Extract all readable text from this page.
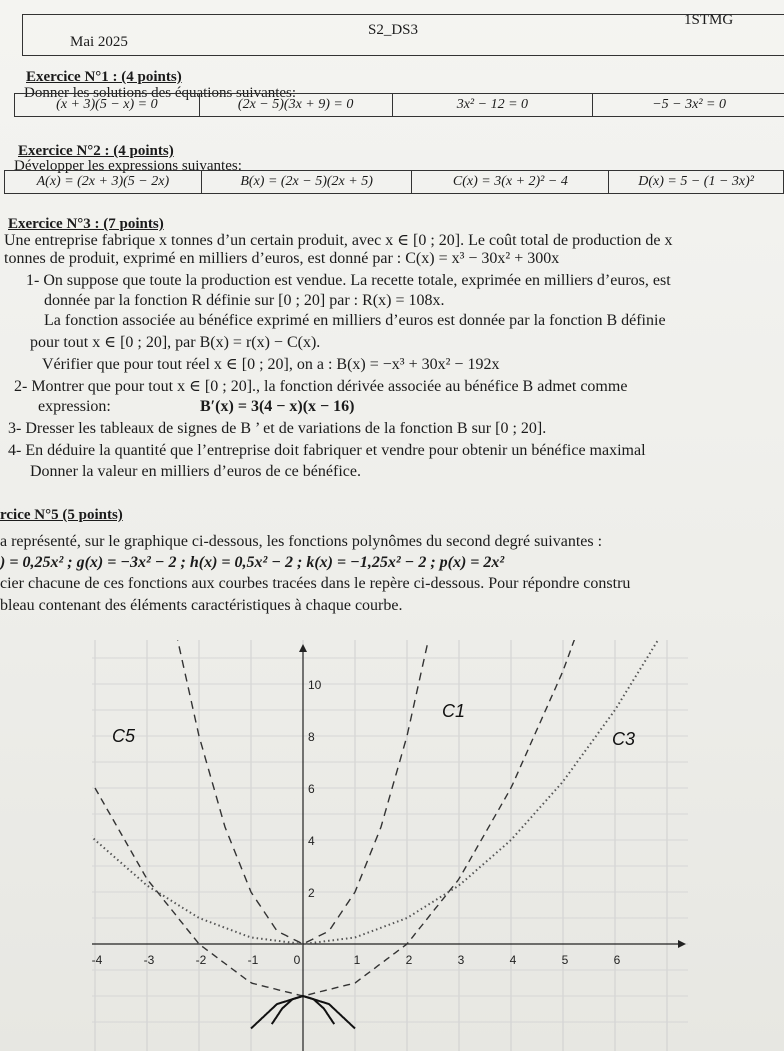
Mai 2025
S2_DS3
1STMG
Exercice N°1 : (4 points)
Donner les solutions des équations suivantes:
(x + 3)(5 − x) = 0	(2x − 5)(3x + 9) = 0	3x² − 12 = 0	−5 − 3x² = 0
Exercice N°2 : (4 points)
Développer les expressions suivantes:
A(x) = (2x + 3)(5 − 2x)	B(x) = (2x − 5)(2x + 5)	C(x) = 3(x + 2)² − 4	D(x) = 5 − (1 − 3x)²
Exercice N°3 : (7 points)
Une entreprise fabrique x tonnes d’un certain produit, avec x ∈ [0 ; 20]. Le coût total de production de x
tonnes de produit, exprimé en milliers d’euros, est donné par : C(x) = x³ − 30x² + 300x
1- On suppose que toute la production est vendue. La recette totale, exprimée en milliers d’euros, est
donnée par la fonction R définie sur [0 ; 20] par : R(x) = 108x.
La fonction associée au bénéfice exprimé en milliers d’euros est donnée par la fonction B définie
pour tout x ∈ [0 ; 20], par B(x) = r(x) − C(x).
Vérifier que pour tout réel x ∈ [0 ; 20], on a : B(x) = −x³ + 30x² − 192x
2- Montrer que pour tout x ∈ [0 ; 20]., la fonction dérivée associée au bénéfice B admet comme
expression:	B′(x) = 3(4 − x)(x − 16)
3- Dresser les tableaux de signes de B ’ et de variations de la fonction B sur [0 ; 20].
4- En déduire la quantité que l’entreprise doit fabriquer et vendre pour obtenir un bénéfice maximal
Donner la valeur en milliers d’euros de ce bénéfice.
rcice N°5 (5 points)
a représenté, sur le graphique ci-dessous, les fonctions polynômes du second degré suivantes :
) = 0,25x² ; g(x) = −3x² − 2 ; h(x) = 0,5x² − 2 ; k(x) = −1,25x² − 2 ; p(x) = 2x²
cier chacune de ces fonctions aux courbes tracées dans le repère ci-dessous. Pour répondre constru
bleau contenant des éléments caractéristiques à chaque courbe.
-4	-3	-2	-1	0	1	2	3	4	5	6
2
4
6
8
10
C1
C3
C5
